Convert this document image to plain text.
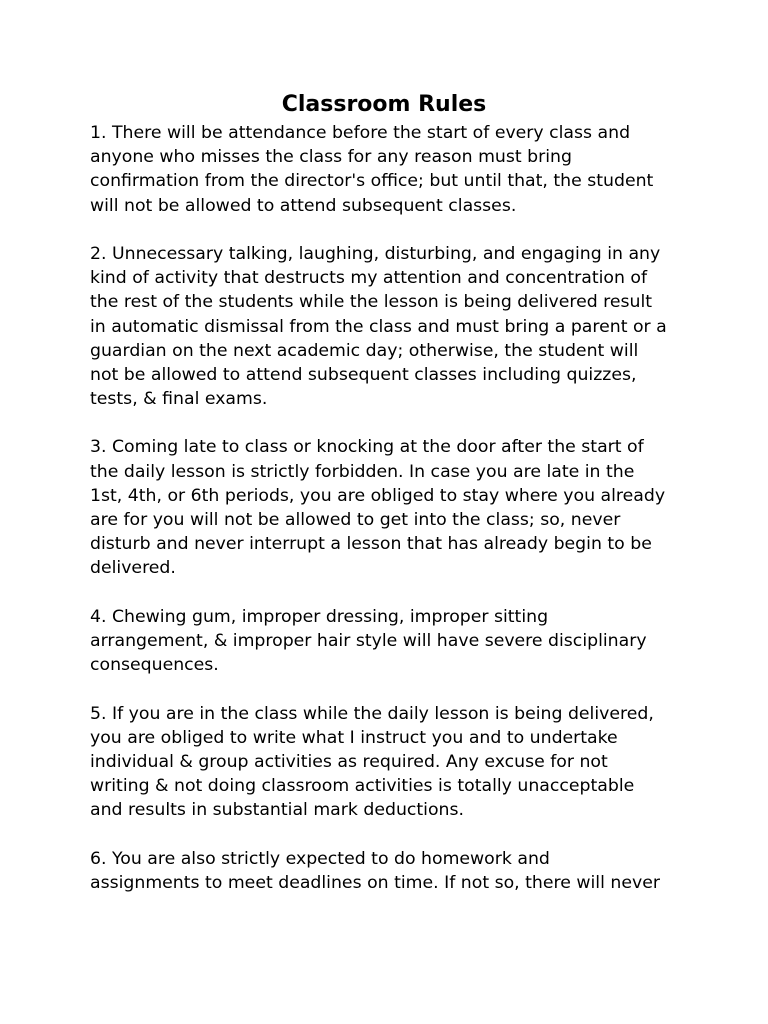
Classroom Rules
1. There will be attendance before the start of every class and
anyone who misses the class for any reason must bring
confirmation from the director's office; but until that, the student
will not be allowed to attend subsequent classes.
2. Unnecessary talking, laughing, disturbing, and engaging in any
kind of activity that destructs my attention and concentration of
the rest of the students while the lesson is being delivered result
in automatic dismissal from the class and must bring a parent or a
guardian on the next academic day; otherwise, the student will
not be allowed to attend subsequent classes including quizzes,
tests, & final exams.
3. Coming late to class or knocking at the door after the start of
the daily lesson is strictly forbidden. In case you are late in the
1st, 4th, or 6th periods, you are obliged to stay where you already
are for you will not be allowed to get into the class; so, never
disturb and never interrupt a lesson that has already begin to be
delivered.
4. Chewing gum, improper dressing, improper sitting
arrangement, & improper hair style will have severe disciplinary
consequences.
5. If you are in the class while the daily lesson is being delivered,
you are obliged to write what I instruct you and to undertake
individual & group activities as required. Any excuse for not
writing & not doing classroom activities is totally unacceptable
and results in substantial mark deductions.
6. You are also strictly expected to do homework and
assignments to meet deadlines on time. If not so, there will never
